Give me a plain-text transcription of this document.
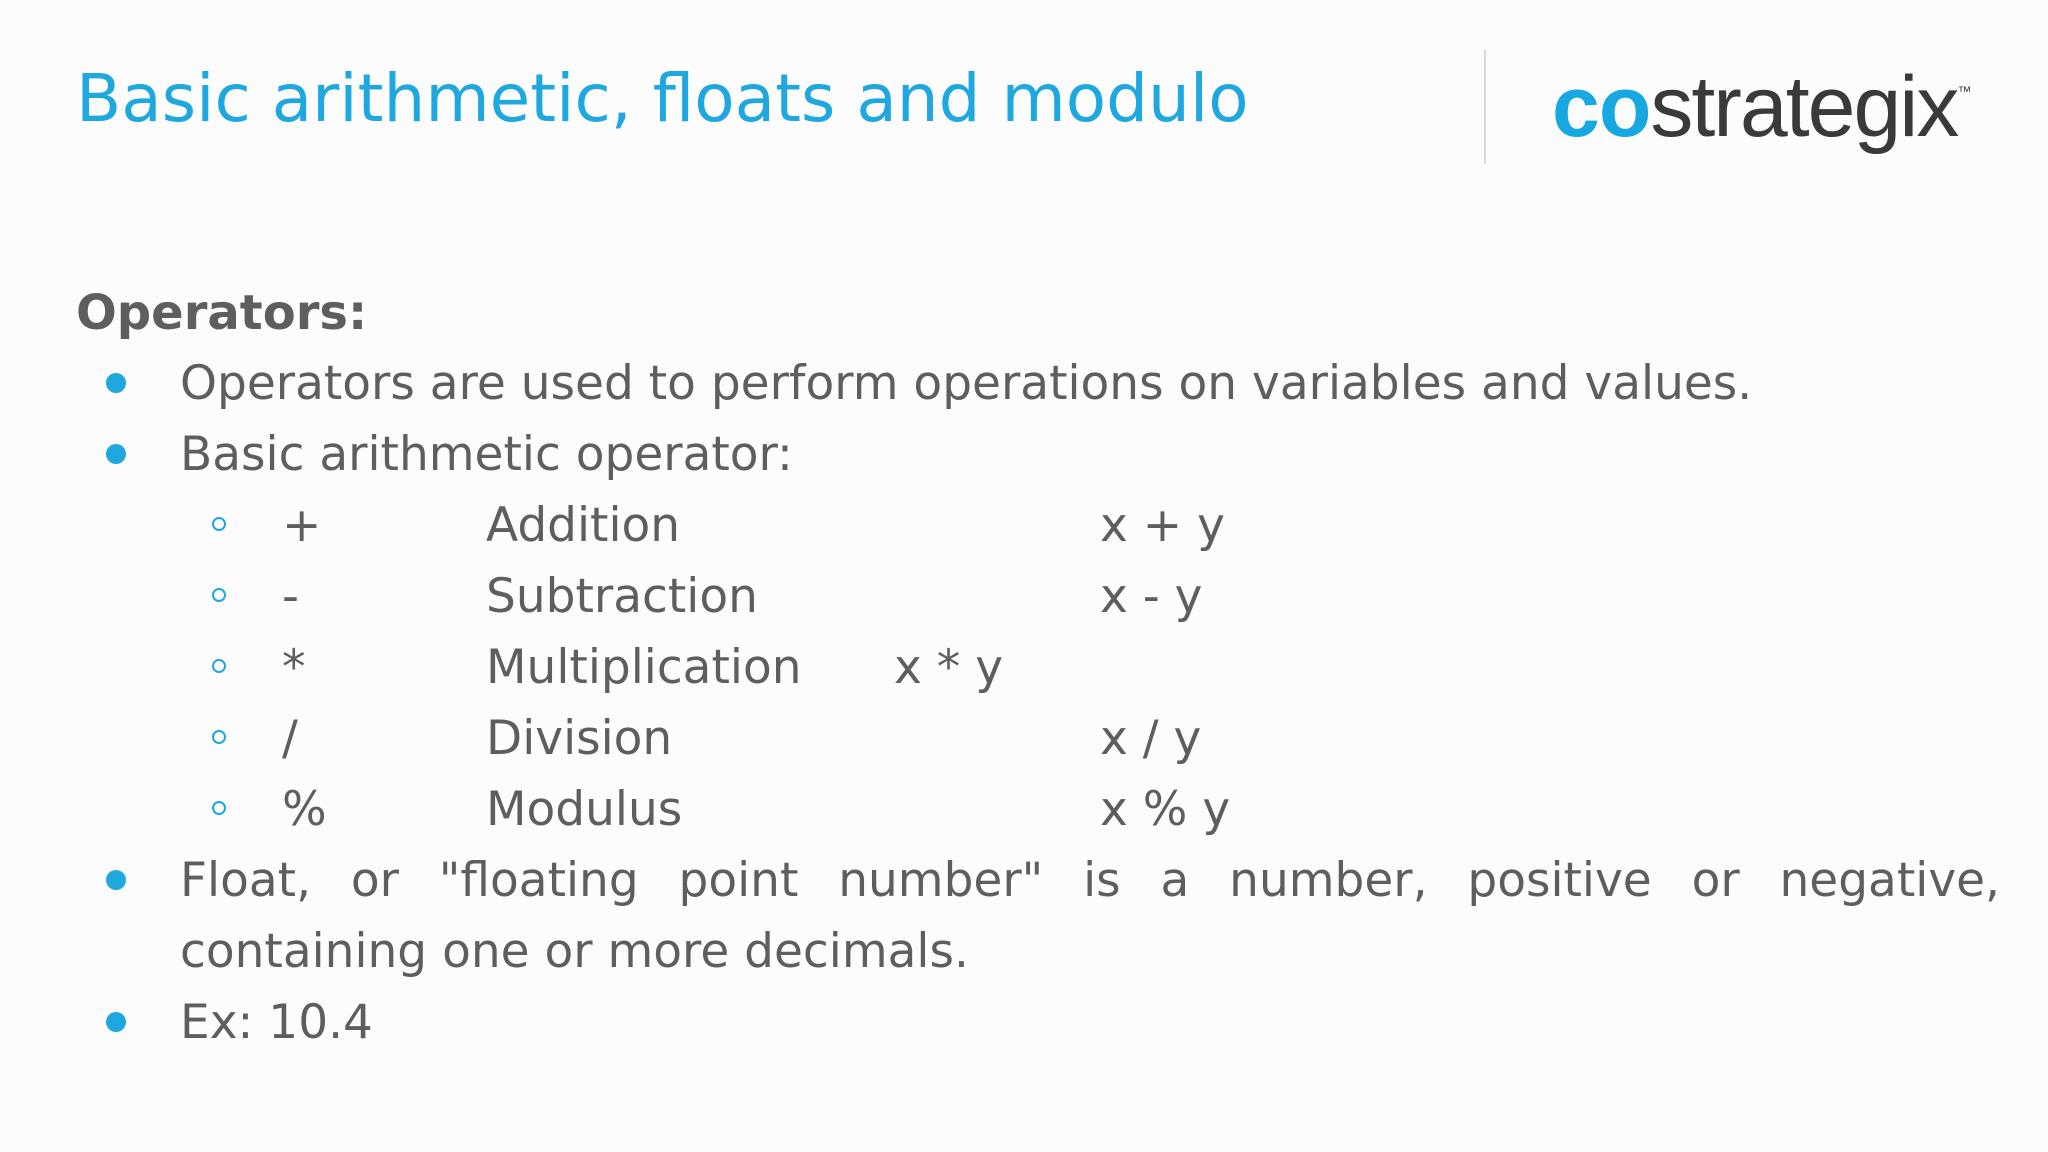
Basic arithmetic, floats and modulo	costrategix™
Operators:
Operators are used to perform operations on variables and values.
Basic arithmetic operator:
+	Addition	x + y
-	Subtraction	x - y
*	Multiplication x * y
/	Division	x / y
%	Modulus	x % y
Float, or "floating point number" is a number, positive or negative, containing one or more decimals.
Ex: 10.4
